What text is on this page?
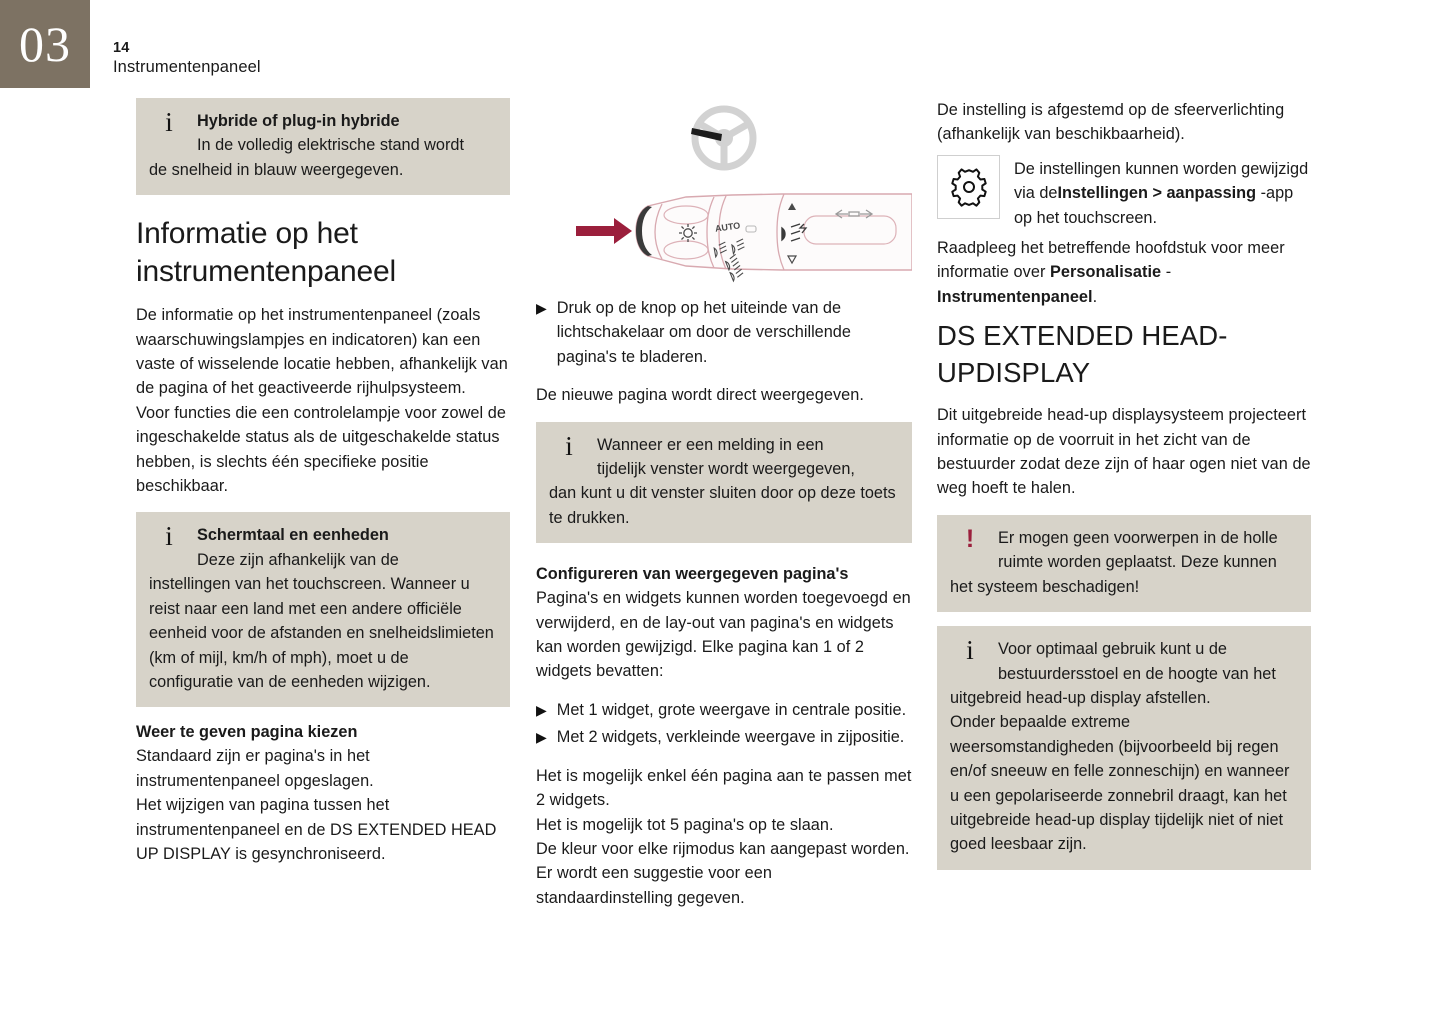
03	14
Instrumentenpaneel
i	Hybride of plug-in hybride
In de volledig elektrische stand wordt
de snelheid in blauw weergegeven.
Informatie op het instrumentenpaneel

De informatie op het instrumentenpaneel (zoals waarschuwingslampjes en indicatoren) kan een vaste of wisselende locatie hebben, afhankelijk van de pagina of het geactiveerde rijhulpsysteem.

Voor functies die een controlelampje voor zowel de ingeschakelde status als de uitgeschakelde status hebben, is slechts één specifieke positie beschikbaar.

i	Schermtaal en eenheden
Deze zijn afhankelijk van de
instellingen van het touchscreen. Wanneer u reist naar een land met een andere officiële eenheid voor de afstanden en snelheidslimieten (km of mijl, km/h of mph), moet u de configuratie van de eenheden wijzigen.
Weer te geven pagina kiezen

Standaard zijn er pagina's in het instrumentenpaneel opgeslagen.

Het wijzigen van pagina tussen het instrumentenpaneel en de DS EXTENDED HEAD UP DISPLAY is gesynchroniseerd.

AUTO
▶ Druk op de knop op het uiteinde van de lichtschakelaar om door de verschillende pagina's te bladeren.

De nieuwe pagina wordt direct weergegeven.

i	Wanneer er een melding in een
tijdelijk venster wordt weergegeven,
dan kunt u dit venster sluiten door op deze toets te drukken.
Configureren van weergegeven pagina's

Pagina's en widgets kunnen worden toegevoegd en verwijderd, en de lay-out van pagina's en widgets kan worden gewijzigd. Elke pagina kan 1 of 2 widgets bevatten:

▶ Met 1 widget, grote weergave in centrale positie.
▶ Met 2 widgets, verkleinde weergave in zijpositie.

Het is mogelijk enkel één pagina aan te passen met 2 widgets.

Het is mogelijk tot 5 pagina's op te slaan.

De kleur voor elke rijmodus kan aangepast worden. Er wordt een suggestie voor een standaardinstelling gegeven.

De instelling is afgestemd op de sfeerverlichting (afhankelijk van beschikbaarheid).

De instellingen kunnen worden gewijzigd via deInstellingen > aanpassing -app op het touchscreen.

Raadpleeg het betreffende hoofdstuk voor meer informatie over Personalisatie - Instrumentenpaneel.

DS EXTENDED HEAD-UPDISPLAY

Dit uitgebreide head-up displaysysteem projecteert informatie op de voorruit in het zicht van de bestuurder zodat deze zijn of haar ogen niet van de weg hoeft te halen.

!	Er mogen geen voorwerpen in de holle
ruimte worden geplaatst. Deze kunnen
het systeem beschadigen!
i	Voor optimaal gebruik kunt u de
bestuurdersstoel en de hoogte van het
uitgebreid head-up display afstellen.
Onder bepaalde extreme weersomstandigheden (bijvoorbeeld bij regen en/of sneeuw en felle zonneschijn) en wanneer u een gepolariseerde zonnebril draagt, kan het uitgebreide head-up display tijdelijk niet of niet goed leesbaar zijn.
